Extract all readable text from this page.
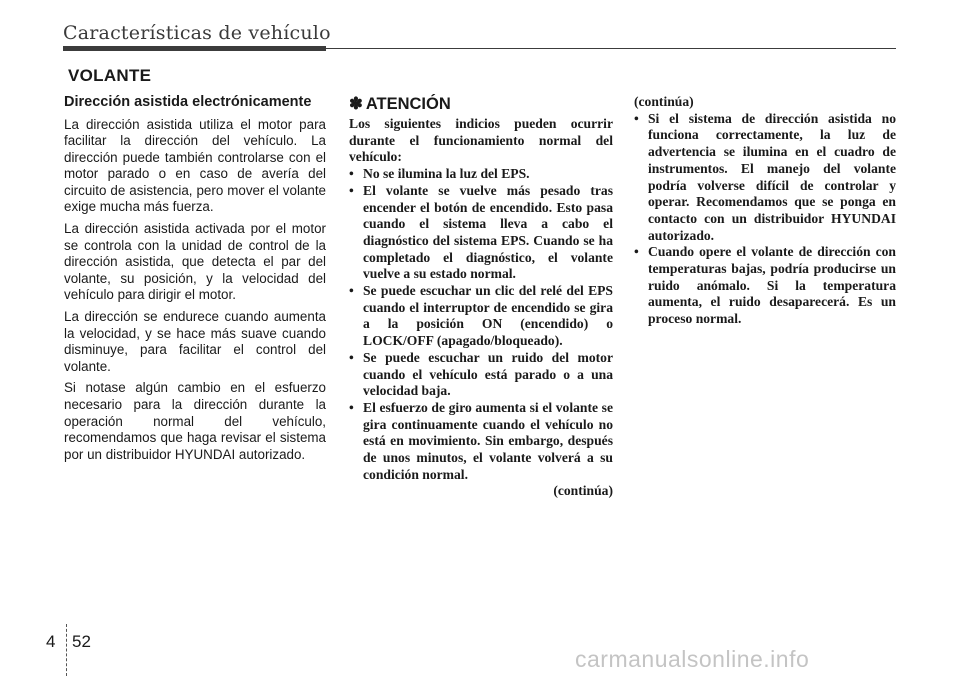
Características de vehículo
VOLANTE
Dirección asistida electrónicamente

La dirección asistida utiliza el motor para facilitar la dirección del vehículo. La dirección puede también controlarse con el motor parado o en caso de avería del circuito de asistencia, pero mover el volante exige mucha más fuerza.

La dirección asistida activada por el motor se controla con la unidad de control de la dirección asistida, que detecta el par del volante, su posición, y la velocidad del vehículo para dirigir el motor.

La dirección se endurece cuando aumenta la velocidad, y se hace más suave cuando disminuye, para facilitar el control del volante.

Si notase algún cambio en el esfuerzo necesario para la dirección durante la operación normal del vehículo, recomendamos que haga revisar el sistema por un distribuidor HYUNDAI autorizado.

✽ ATENCIÓN

Los siguientes indicios pueden ocurrir durante el funcionamiento normal del vehículo:

• No se ilumina la luz del EPS.
• El volante se vuelve más pesado tras encender el botón de encendido. Esto pasa cuando el sistema lleva a cabo el diagnóstico del sistema EPS. Cuando se ha completado el diagnóstico, el volante vuelve a su estado normal.
• Se puede escuchar un clic del relé del EPS cuando el interruptor de encendido se gira a la posición ON (encendido) o LOCK/OFF (apagado/bloqueado).
• Se puede escuchar un ruido del motor cuando el vehículo está parado o a una velocidad baja.
• El esfuerzo de giro aumenta si el volante se gira continuamente cuando el vehículo no está en movimiento. Sin embargo, después de unos minutos, el volante volverá a su condición normal.

(continúa)

(continúa)

• Si el sistema de dirección asistida no funciona correctamente, la luz de advertencia se ilumina en el cuadro de instrumentos. El manejo del volante podría volverse difícil de controlar y operar. Recomendamos que se ponga en contacto con un distribuidor HYUNDAI autorizado.
• Cuando opere el volante de dirección con temperaturas bajas, podría producirse un ruido anómalo. Si la temperatura aumenta, el ruido desaparecerá. Es un proceso normal.
4 52
carmanualsonline.info
